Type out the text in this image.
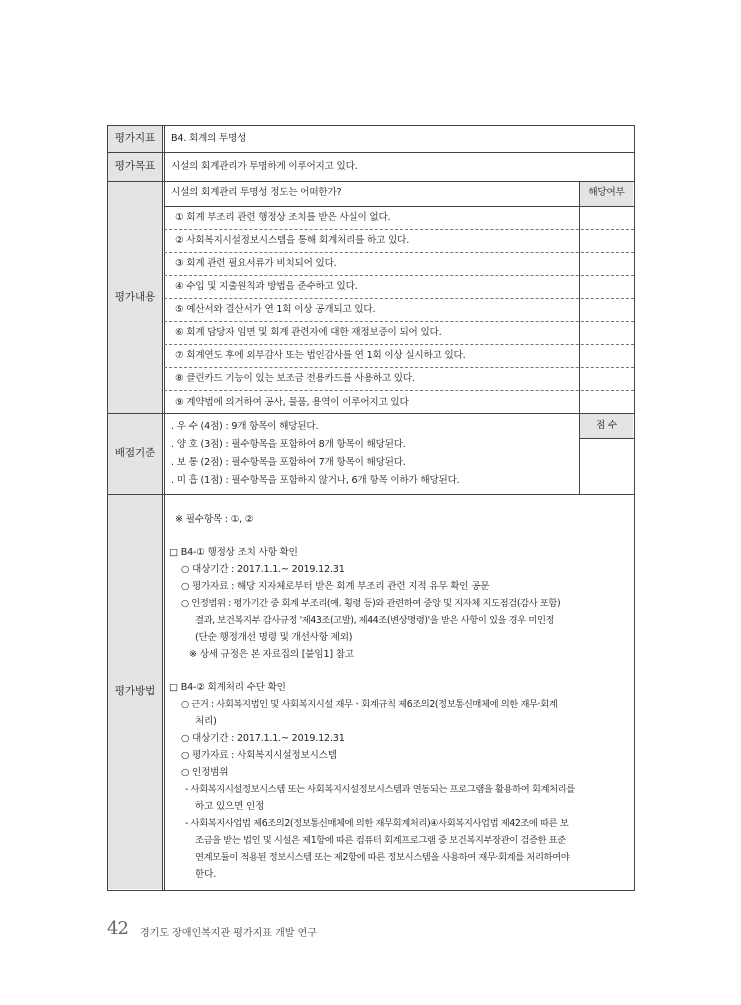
평가지표
평가목표
평가내용
배점기준
평가방법
B4. 회계의 투명성
시설의 회계관리가 투명하게 이루어지고 있다.
시설의 회계관리 투명성 정도는 어떠한가?	해당여부
① 회계 부조리 관련 행정상 조치를 받은 사실이 없다.
② 사회복지시설정보시스템을 통해 회계처리를 하고 있다.
③ 회계 관련 필요서류가 비치되어 있다.
④ 수입 및 지출원칙과 방법을 준수하고 있다.
⑤ 예산서와 결산서가 연 1회 이상 공개되고 있다.
⑥ 회계 담당자 임면 및 회계 관련자에 대한 재정보증이 되어 있다.
⑦ 회계연도 후에 외부감사 또는 법인감사를 연 1회 이상 실시하고 있다.
⑧ 클린카드 기능이 있는 보조금 전용카드를 사용하고 있다.
⑨ 계약법에 의거하여 공사, 물품, 용역이 이루어지고 있다
점 수
. 우 수 (4점) : 9개 항목이 해당된다.
. 양 호 (3점) : 필수항목을 포함하여 8개 항목이 해당된다.
. 보 통 (2점) : 필수항목을 포함하여 7개 항목이 해당된다.
. 미 흡 (1점) : 필수항목을 포함하지 않거나, 6개 항목 이하가 해당된다.
※ 필수항목 : ①, ②
□ B4-① 행정상 조치 사항 확인
○ 대상기간 : 2017.1.1.~ 2019.12.31
○ 평가자료 : 해당 지자체로부터 받은 회계 부조리 관련 지적 유무 확인 공문
○ 인정범위 : 평가기간 중 회계 부조리(예. 횡령 등)와 관련하여 중앙 및 지자체 지도점검(감사 포함)
결과, 보건복지부 감사규정 '제43조(고발), 제44조(변상명령)'을 받은 사항이 있을 경우 미인정
(단순 행정개선 명령 및 개선사항 제외)
※ 상세 규정은 본 자료집의 [붙임1] 참고
□ B4-② 회계처리 수단 확인
○ 근거 : 사회복지법인 및 사회복지시설 재무ㆍ회계규칙 제6조의2(정보통신매체에 의한 재무·회계
처리)
○ 대상기간 : 2017.1.1.~ 2019.12.31
○ 평가자료 : 사회복지시설정보시스템
○ 인정범위
- 사회복지시설정보시스템 또는 사회복지시설정보시스템과 연동되는 프로그램을 활용하여 회계처리를
하고 있으면 인정
- 사회복지사업법 제6조의2(정보통신매체에 의한 재무회계처리)④사회복지사업법 제42조에 따른 보
조금을 받는 법인 및 시설은 제1항에 따른 컴퓨터 회계프로그램 중 보건복지부장관이 검증한 표준
연계모듈이 적용된 정보시스템 또는 제2항에 따른 정보시스템을 사용하여 재무·회계를 처리하여야
한다.
42 경기도 장애인복지관 평가지표 개발 연구
